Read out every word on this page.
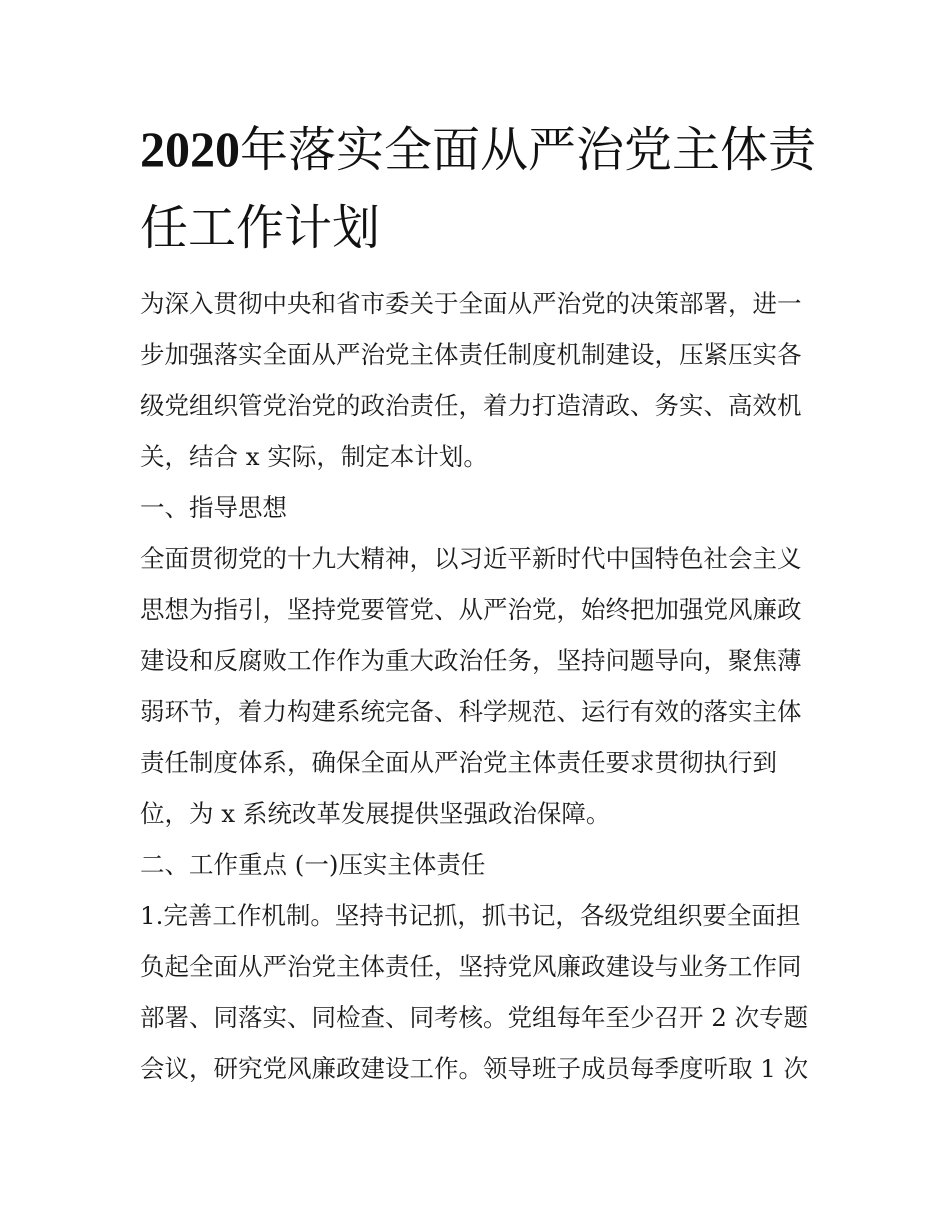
2020年落实全面从严治党主体责任工作计划

为深入贯彻中央和省市委关于全面从严治党的决策部署，进一步加强落实全面从严治党主体责任制度机制建设，压紧压实各级党组织管党治党的政治责任，着力打造清政、务实、高效机关，结合 x 实际，制定本计划。

一、指导思想

全面贯彻党的十九大精神，以习近平新时代中国特色社会主义思想为指引，坚持党要管党、从严治党，始终把加强党风廉政建设和反腐败工作作为重大政治任务，坚持问题导向，聚焦薄弱环节，着力构建系统完备、科学规范、运行有效的落实主体责任制度体系，确保全面从严治党主体责任要求贯彻执行到位，为 x 系统改革发展提供坚强政治保障。

二、工作重点 (一)压实主体责任

1.完善工作机制。坚持书记抓，抓书记，各级党组织要全面担负起全面从严治党主体责任，坚持党风廉政建设与业务工作同部署、同落实、同检查、同考核。党组每年至少召开 2 次专题会议，研究党风廉政建设工作。领导班子成员每季度听取 1 次
